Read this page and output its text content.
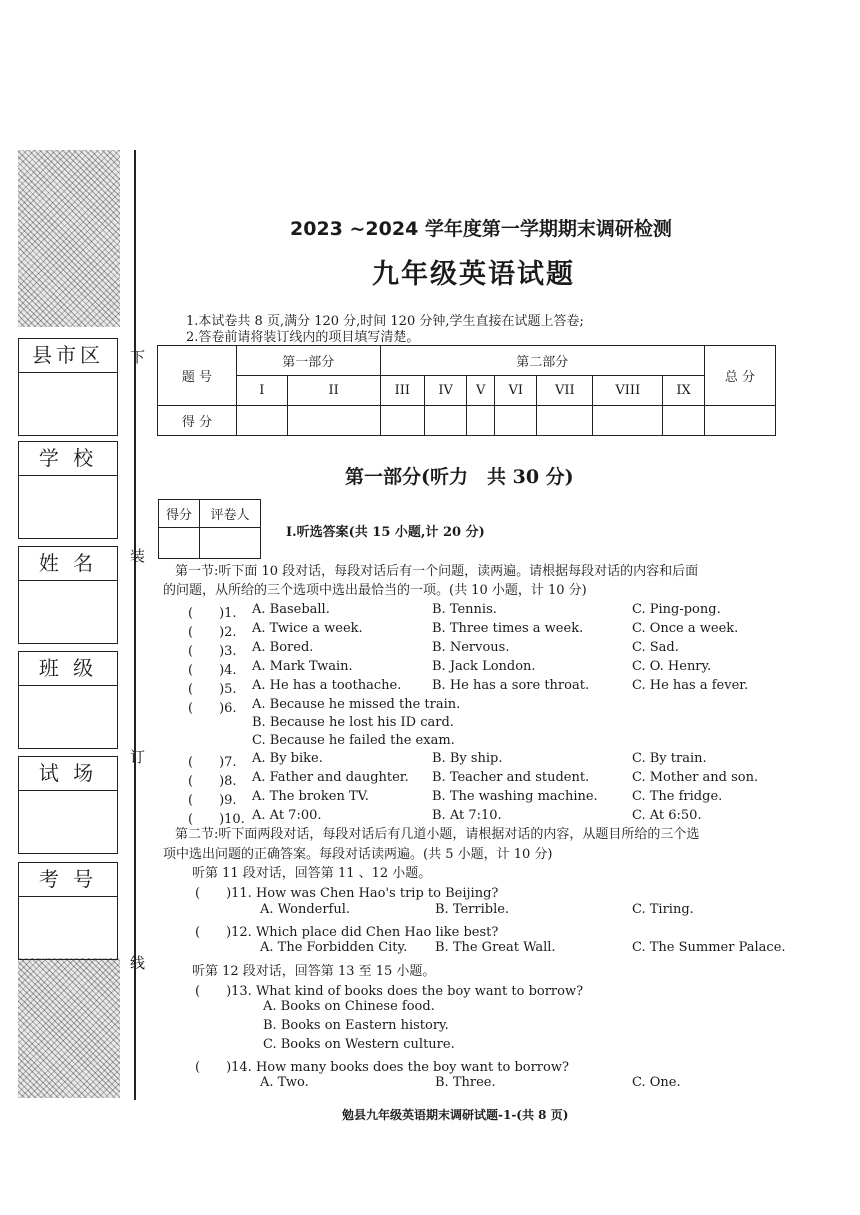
县市区
学 校
姓 名
班 级
试 场
考 号
下
装
订
线
2023 ~2024 学年度第一学期期末调研检测
九年级英语试题
1.本试卷共 8 页,满分 120 分,时间 120 分钟,学生直接在试题上答卷;
2.答卷前请将装订线内的项目填写清楚。
题 号	第一部分		第二部分							总 分
	I	II	III	IV	V	VI	VII	VIII	IX	
得 分										
第一部分(听力　共 30 分)
得分	评卷人

I.听选答案(共 15 小题,计 20 分)
第一节:听下面 10 段对话，每段对话后有一个问题，读两遍。请根据每段对话的内容和后面
的问题，从所给的三个选项中选出最恰当的一项。(共 10 小题，计 10 分)
(　　)1. A. Baseball.	B. Tennis.	C. Ping-pong.
(　　)2. A. Twice a week.	B. Three times a week.	C. Once a week.
(　　)3. A. Bored.	B. Nervous.	C. Sad.
(　　)4. A. Mark Twain.	B. Jack London.	C. O. Henry.
(　　)5. A. He has a toothache. B. He has a sore throat.	C. He has a fever.
(　　)6. A. Because he missed the train.
B. Because he lost his ID card.
C. Because he failed the exam.
(　　)7. A. By bike.	B. By ship.	C. By train.
(　　)8. A. Father and daughter. B. Teacher and student.	C. Mother and son.
(　　)9. A. The broken TV.	B. The washing machine.	C. The fridge.
(　　)10. A. At 7:00.	B. At 7:10.	C. At 6:50.
第二节:听下面两段对话，每段对话后有几道小题，请根据对话的内容，从题目所给的三个选
项中选出问题的正确答案。每段对话读两遍。(共 5 小题，计 10 分)
听第 11 段对话，回答第 11 、12 小题。
(　　)11. How was Chen Hao's trip to Beijing?
A. Wonderful.	B. Terrible.	C. Tiring.
(　　)12. Which place did Chen Hao like best?
A. The Forbidden City. B. The Great Wall.	C. The Summer Palace.
听第 12 段对话，回答第 13 至 15 小题。
(　　)13. What kind of books does the boy want to borrow?
A. Books on Chinese food.
B. Books on Eastern history.
C. Books on Western culture.
(　　)14. How many books does the boy want to borrow?
A. Two.	B. Three.	C. One.
勉县九年级英语期末调研试题-1-(共 8 页)
